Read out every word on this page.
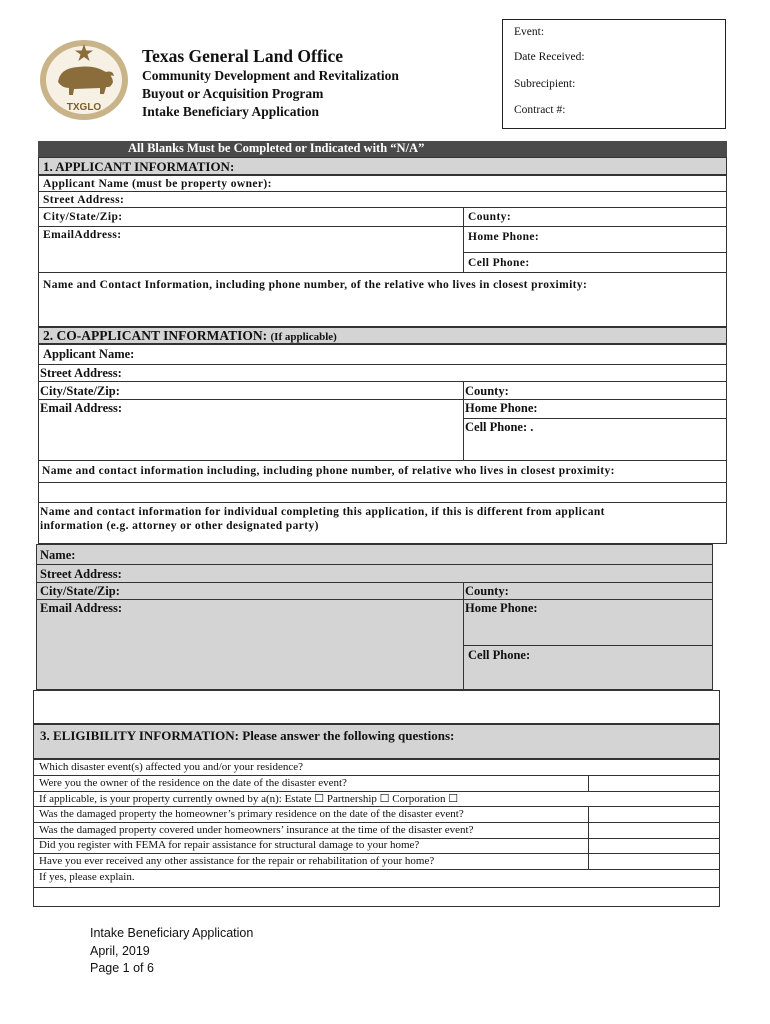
TXGLO
Texas General Land Office
Community Development and Revitalization
Buyout or Acquisition Program
Intake Beneficiary Application
Event:
Date Received:
Subrecipient:
Contract #:
All Blanks Must be Completed or Indicated with “N/A”
1. APPLICANT INFORMATION:
Applicant Name (must be property owner):
Street Address:
City/State/Zip:	County:
EmailAddress:	Home Phone:
Cell Phone:
Name and Contact Information, including phone number, of the relative who lives in closest proximity:
2. CO-APPLICANT INFORMATION: (If applicable)
Applicant Name:
Street Address:
City/State/Zip:	County:
Email Address:	Home Phone:
Cell Phone: .
Name and contact information including, including phone number, of relative who lives in closest proximity:
Name and contact information for individual completing this application, if this is different from applicant
information (e.g. attorney or other designated party)
Name:
Street Address:
City/State/Zip:	County:
Email Address:	Home Phone:
Cell Phone:
3. ELIGIBILITY INFORMATION: Please answer the following questions:
Which disaster event(s) affected you and/or your residence?
Were you the owner of the residence on the date of the disaster event?
If applicable, is your property currently owned by a(n): Estate ☐ Partnership ☐ Corporation ☐
Was the damaged property the homeowner’s primary residence on the date of the disaster event?
Was the damaged property covered under homeowners’ insurance at the time of the disaster event?
Did you register with FEMA for repair assistance for structural damage to your home?
Have you ever received any other assistance for the repair or rehabilitation of your home?
If yes, please explain.
Intake Beneficiary Application
April, 2019
Page 1 of 6
